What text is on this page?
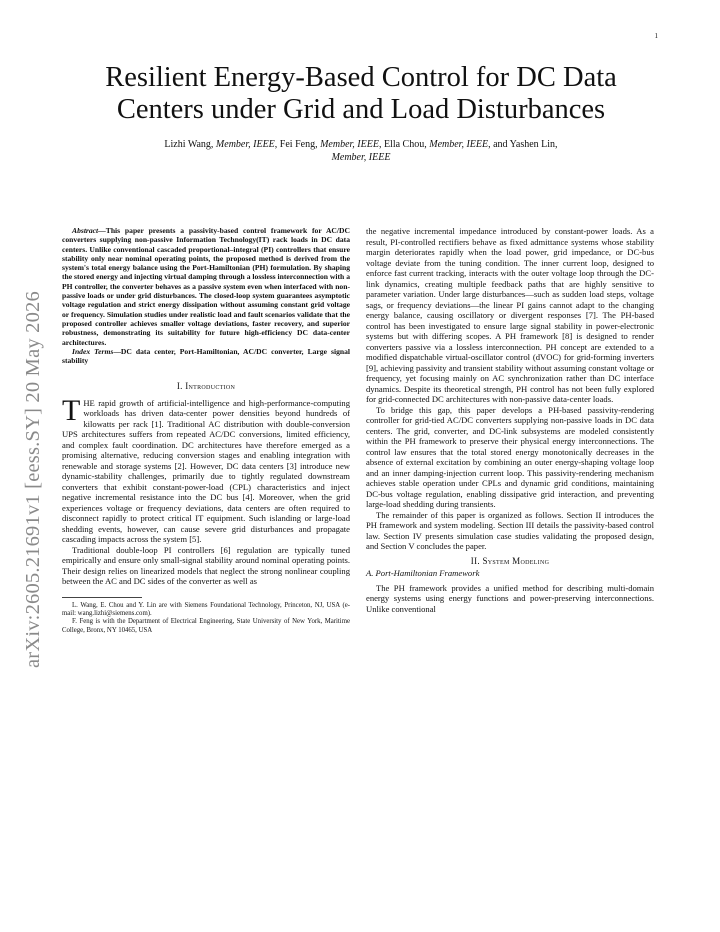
1
arXiv:2605.21691v1 [eess.SY] 20 May 2026
Resilient Energy-Based Control for DC Data Centers under Grid and Load Disturbances
Lizhi Wang, Member, IEEE, Fei Feng, Member, IEEE, Ella Chou, Member, IEEE, and Yashen Lin,
Member, IEEE

Abstract—This paper presents a passivity-based control framework for AC/DC converters supplying non-passive Information Technology(IT) rack loads in DC data centers. Unlike conventional cascaded proportional–integral (PI) controllers that ensure stability only near nominal operating points, the proposed method is derived from the system's total energy balance using the Port-Hamiltonian (PH) formulation. By shaping the stored energy and injecting virtual damping through a lossless interconnection with a PH controller, the converter behaves as a passive system even when interfaced with non-passive loads or under grid disturbances. The closed-loop system guarantees asymptotic voltage regulation and strict energy dissipation without assuming constant grid voltage or frequency. Simulation studies under realistic load and fault scenarios validate that the proposed controller achieves smaller voltage deviations, faster recovery, and superior robustness, demonstrating its suitability for future high-efficiency DC data-center architectures.

Index Terms—DC data center, Port-Hamiltonian, AC/DC converter, Large signal stability

I. Introduction

THE rapid growth of artificial-intelligence and high-performance-computing workloads has driven data-center power densities beyond hundreds of kilowatts per rack [1]. Traditional AC distribution with double-conversion UPS architectures suffers from repeated AC/DC conversions, limited efficiency, and complex fault coordination. DC architectures have therefore emerged as a promising alternative, reducing conversion stages and enabling integration with renewable and storage systems [2]. However, DC data centers [3] introduce new dynamic-stability challenges, primarily due to tightly regulated downstream converters that exhibit constant-power-load (CPL) characteristics and inject negative incremental resistance into the DC bus [4]. Moreover, when the grid experiences voltage or frequency deviations, data centers are often required to disconnect rapidly to protect critical IT equipment. Such islanding or large-load shedding events, however, can cause severe grid disturbances and propagate cascading impacts across the system [5].

Traditional double-loop PI controllers [6] regulation are typically tuned empirically and ensure only small-signal stability around nominal operating points. Their design relies on linearized models that neglect the strong nonlinear coupling between the AC and DC sides of the converter as well as

L. Wang, E. Chou and Y. Lin are with Siemens Foundational Technology, Princeton, NJ, USA (e-mail: wang.lizhi@siemens.com).

F. Feng is with the Department of Electrical Engineering, State University of New York, Maritime College, Bronx, NY 10465, USA

the negative incremental impedance introduced by constant-power loads. As a result, PI-controlled rectifiers behave as fixed admittance systems whose stability margin deteriorates rapidly when the load power, grid impedance, or DC-bus voltage deviate from the tuning condition. The inner current loop, designed to enforce fast current tracking, interacts with the outer voltage loop through the DC-link dynamics, creating multiple feedback paths that are highly sensitive to parameter variation. Under large disturbances—such as sudden load steps, voltage sags, or frequency deviations—the linear PI gains cannot adapt to the changing energy balance, causing oscillatory or divergent responses [7]. The PH-based control has been investigated to ensure large signal stability in power-electronic systems but with differing scopes. A PH framework [8] is designed to render converters passive via a lossless interconnection. PH concept are extended to a modified dispatchable virtual-oscillator control (dVOC) for grid-forming inverters [9], achieving passivity and transient stability without assuming constant voltage or frequency, yet focusing mainly on AC synchronization rather than DC interface dynamics. Despite its theoretical strength, PH control has not been fully explored for grid-connected DC architectures with non-passive data-center loads.

To bridge this gap, this paper develops a PH-based passivity-rendering controller for grid-tied AC/DC converters supplying non-passive loads in DC data centers. The grid, converter, and DC-link subsystems are modeled consistently within the PH framework to preserve their physical energy interconnections. The control law ensures that the total stored energy monotonically decreases in the absence of external excitation by combining an outer energy-shaping voltage loop and an inner damping-injection current loop. This passivity-rendering mechanism achieves stable operation under CPLs and dynamic grid conditions, maintaining DC-bus voltage regulation, enabling dissipative grid interaction, and preventing large-load shedding during transients.

The remainder of this paper is organized as follows. Section II introduces the PH framework and system modeling. Section III details the passivity-based control law. Section IV presents simulation case studies validating the proposed design, and Section V concludes the paper.

II. System Modeling
A. Port-Hamiltonian Framework

The PH framework provides a unified method for describing multi-domain energy systems using energy functions and power-preserving interconnections. Unlike conventional
